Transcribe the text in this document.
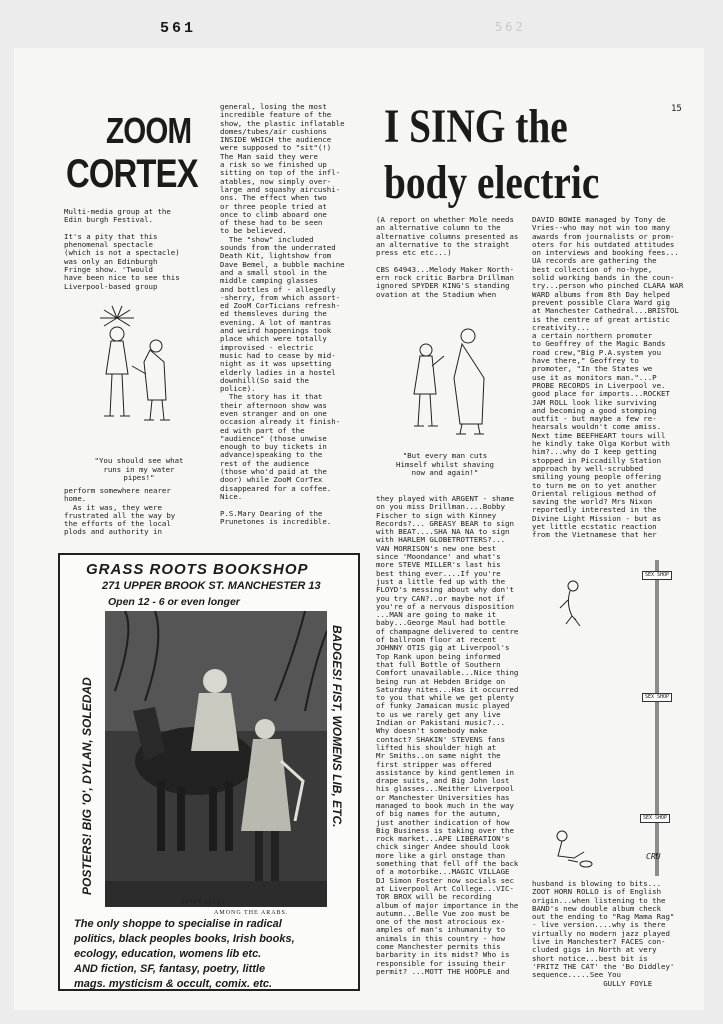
561	562
15
ZOOM
CORTEX
Multi-media group at the
Edin burgh Festival.

It's a pity that this
phenomenal spectacle
(which is not a spectacle)
was only an Edinburgh
Fringe show. 'Twould
have been nice to see this
Liverpool-based group
"You should see what
runs in my water
pipes!"
perform somewhere nearer
home.
As it was, they were
frustrated all the way by
the efforts of the local
plods and authority in
general, losing the most
incredible feature of the
show, the plastic inflatable
domes/tubes/air cushions
INSIDE WHICH the audience
were supposed to "sit"(!)
The Man said they were
a risk so we finished up
sitting on top of the infl-
atables, now simply over-
large and squashy aircushi-
ons. The effect when two
or three people tried at
once to climb aboard one
of these had to be seen
to be believed.
The "show" included
sounds from the underrated
Death Kit, lightshow from
Dave Bemel, a bubble machine
and a small stool in the
middle camping glasses
and bottles of - allegedly
-sherry, from which assort-
ed ZooM CorTicians refresh-
ed themsleves during the
evening. A lot of mantras
and weird happenings took
place which were totally
improvised - electric
music had to cease by mid-
night as it was upsetting
elderly ladies in a hostel
downhill(So said the
police).
The story has it that
their afternoon show was
even stranger and on one
occasion already it finish-
ed with part of the
"audience" (those unwise
enough to buy tickets in
advance)speaking to the
rest of the audience
(those who'd paid at the
door) while ZooM CorTex
disappeared for a coffee.
Nice.

P.S.Mary Dearing of the
Prunetones is incredible.
I SING the
body electric
(A report on whether Mole needs
an alternative column to the
alternative columns presented as
an alternative to the straight
press etc etc...)

CBS 64943...Melody Maker North-
ern rock critic Barbra Drillman
ignored SPYDER KING'S standing
ovation at the Stadium when
"But every man cuts
Himself whilst shaving
now and again!"
they played with ARGENT - shame
on you miss Drillman....Bobby
Fischer to sign with Kinney
Records?... GREASY BEAR to sign
with BEAT....SHA NA NA to sign
with HARLEM GLOBETROTTERS?...
VAN MORRISON's new one best
since 'Moondance' and what's
more STEVE MILLER's last his
best thing ever....If you're
just a little fed up with the
FLOYD's messing about why don't
you try CAN?..or maybe not if
you're of a nervous disposition
...MAN are going to make it
baby...George Maul had bottle
of champagne delivered to centre
of ballroom floor at recent
JOHNNY OTIS gig at Liverpool's
Top Rank upon being informed
that full Bottle of Southern
Comfort unavailable...Nice thing
being run at Hebden Bridge on
Saturday nites...Has it occurred
to you that while we get plenty
of funky Jamaican music played
to us we rarely get any live
Indian or Pakistani music?...
Why doesn't somebody make
contact? SHAKIN' STEVENS fans
lifted his shoulder high at
Mr Smiths..on same night the
first stripper was offered
assistance by kind gentlemen in
drape suits, and Big John lost
his glasses...Neither Liverpool
or Manchester Universities has
managed to book much in the way
of big names for the autumn,
just another indication of how
Big Business is taking over the
rock market...APE LIBERATION's
chick singer Andee should look
more like a girl onstage than
something that fell off the back
of a motorbike...MAGIC VILLAGE
DJ Simon Foster now socials sec
at Liverpool Art College...VIC-
TOR BROX will be recording
album of major importance in the
autumn...Belle Vue zoo must be
one of the most atrocious ex-
amples of man's inhumanity to
animals in this country - how
come Manchester permits this
barbarity in its midst? Who is
responsible for issuing their
permit? ...MOTT THE HOOPLE and
DAVID BOWIE managed by Tony de
Vries--who may not win too many
awards from journalists or prom-
oters for his outdated attitudes
on interviews and booking fees...
UA records are gathering the
best collection of no-hype,
solid working bands in the coun-
try...person who pinched CLARA WAR
WARD albums from 8th Day helped
prevent possible Clara Ward gig
at Manchester Cathedral...BRISTOL
is the centre of great artistic
creativity...
a certain northern promoter
to Geoffrey of the Magic Bands
road crew,"Big P.A.system you
have there," Geoffrey to
promoter, "In the States we
use it as monitors man."...P
PROBE RECORDS in Liverpool ve.
good place for imports...ROCKET
JAM ROLL look like surviving
and becoming a good stomping
outfit - but maybe a few re-
hearsals wouldn't come amiss.
Next time BEEFHEART tours will
he kindly take Olga Korbut with
him?...why do I keep getting
stopped in Piccadilly Station
approach by well-scrubbed
smiling young people offering
to turn me on to yet another
Oriental religious method of
saving the world? Mrs Nixon
reportedly interested in the
Divine Light Mission - but as
yet little ecstatic reaction
from the Vietnamese that her
SEX SHOP
SEX SHOP
SEX SHOP
CRU
husband is blowing to bits...
ZOOT HORN ROLLO is of English
origin...when listening to the
BAND's new double album check
out the ending to "Rag Mama Rag"
- live version....why is there
virtually no modern jazz played
live in Manchester? FACES con-
cluded gigs in North at very
short notice...best bit is
'FRITZ THE CAT' the 'Bo Diddley'
sequence.....See You
GULLY FOYLE
GRASS ROOTS BOOKSHOP
271 UPPER BROOK ST. MANCHESTER 13
Open 12 - 6 or even longer
POSTERS! BIG 'O', DYLAN, SOLEDAD	BADGES! FIST, WOMENS LIB, ETC.
BLAKE SCULL
AMONG THE ARABS.
The only shoppe to specialise in radical
politics, black peoples books, Irish books,
ecology, education, womens lib etc.
AND fiction, SF, fantasy, poetry, little
mags. mysticism & occult, comix. etc.
